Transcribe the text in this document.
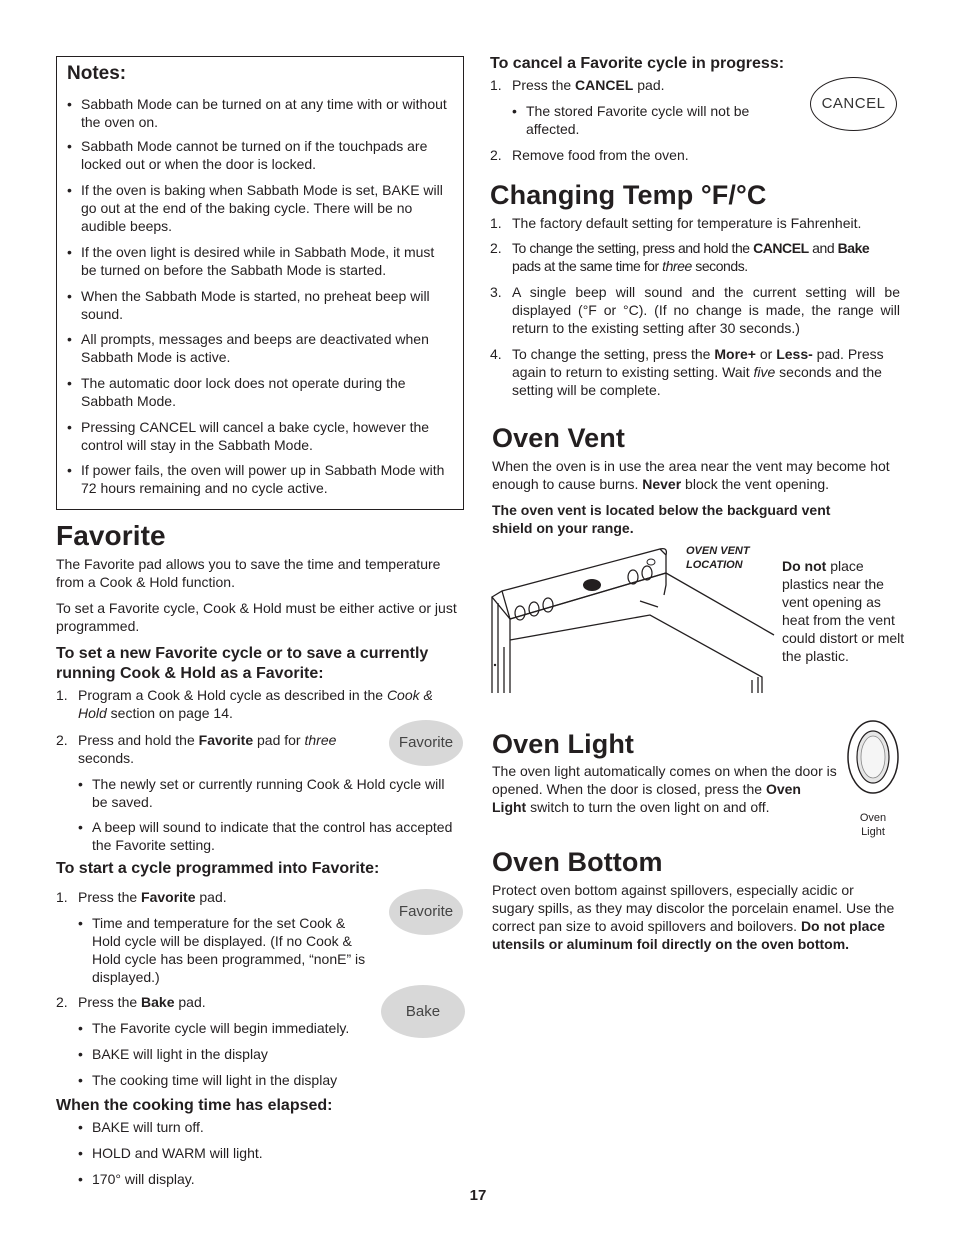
Notes:
• Sabbath Mode can be turned on at any time with or without the oven on.

• Sabbath Mode cannot be turned on if the touchpads are locked out or when the door is locked.

• If the oven is baking when Sabbath Mode is set, BAKE will go out at the end of the baking cycle. There will be no audible beeps.

• If the oven light is desired while in Sabbath Mode, it must be turned on before the Sabbath Mode is started.

• When the Sabbath Mode is started, no preheat beep will sound.

• All prompts, messages and beeps are deactivated when Sabbath Mode is active.

• The automatic door lock does not operate during the Sabbath Mode.

• Pressing CANCEL will cancel a bake cycle, however the control will stay in the Sabbath Mode.

• If power fails, the oven will power up in Sabbath Mode with 72 hours remaining and no cycle active.

Favorite

The Favorite pad allows you to save the time and temperature from a Cook & Hold function.

To set a Favorite cycle, Cook & Hold must be either active or just programmed.

To set a new Favorite cycle or to save a currently running Cook & Hold as a Favorite:
1. Program a Cook & Hold cycle as described in the Cook & Hold section on page 14.

2. Press and hold the Favorite pad for three seconds.

• The newly set or currently running Cook & Hold cycle will be saved.

• A beep will sound to indicate that the control has accepted the Favorite setting.

Favorite
To start a cycle programmed into Favorite:
1. Press the Favorite pad.

• Time and temperature for the set Cook & Hold cycle will be displayed. (If no Cook & Hold cycle has been programmed, “nonE” is displayed.)

Favorite
2. Press the Bake pad.

• The Favorite cycle will begin immediately.

• BAKE will light in the display

• The cooking time will light in the display

Bake
When the cooking time has elapsed:
• BAKE will turn off.

• HOLD and WARM will light.

• 170° will display.

To cancel a Favorite cycle in progress:
1. Press the CANCEL pad.

• The stored Favorite cycle will not be affected.

2. Remove food from the oven.

CANCEL
Changing Temp °F/°C
1. The factory default setting for temperature is Fahrenheit.

2. To change the setting, press and hold the CANCEL and Bake pads at the same time for three seconds.

3. A single beep will sound and the current setting will be displayed (°F or °C). (If no change is made, the range will return to the existing setting after 30 seconds.)

4. To change the setting, press the More+ or Less- pad. Press again to return to existing setting. Wait five seconds and the setting will be complete.

Oven Vent

When the oven is in use the area near the vent may become hot enough to cause burns. Never block the vent opening.

The oven vent is located below the backguard vent shield on your range.

OVEN VENT
LOCATION	Do not place plastics near the vent opening as heat from the vent could distort or melt the plastic.

Oven Light

The oven light automatically comes on when the door is opened. When the door is closed, press the Oven Light switch to turn the oven light on and off.

Oven
Light
Oven Bottom

Protect oven bottom against spillovers, especially acidic or sugary spills, as they may discolor the porcelain enamel. Use the correct pan size to avoid spillovers and boilovers. Do not place utensils or aluminum foil directly on the oven bottom.

17
